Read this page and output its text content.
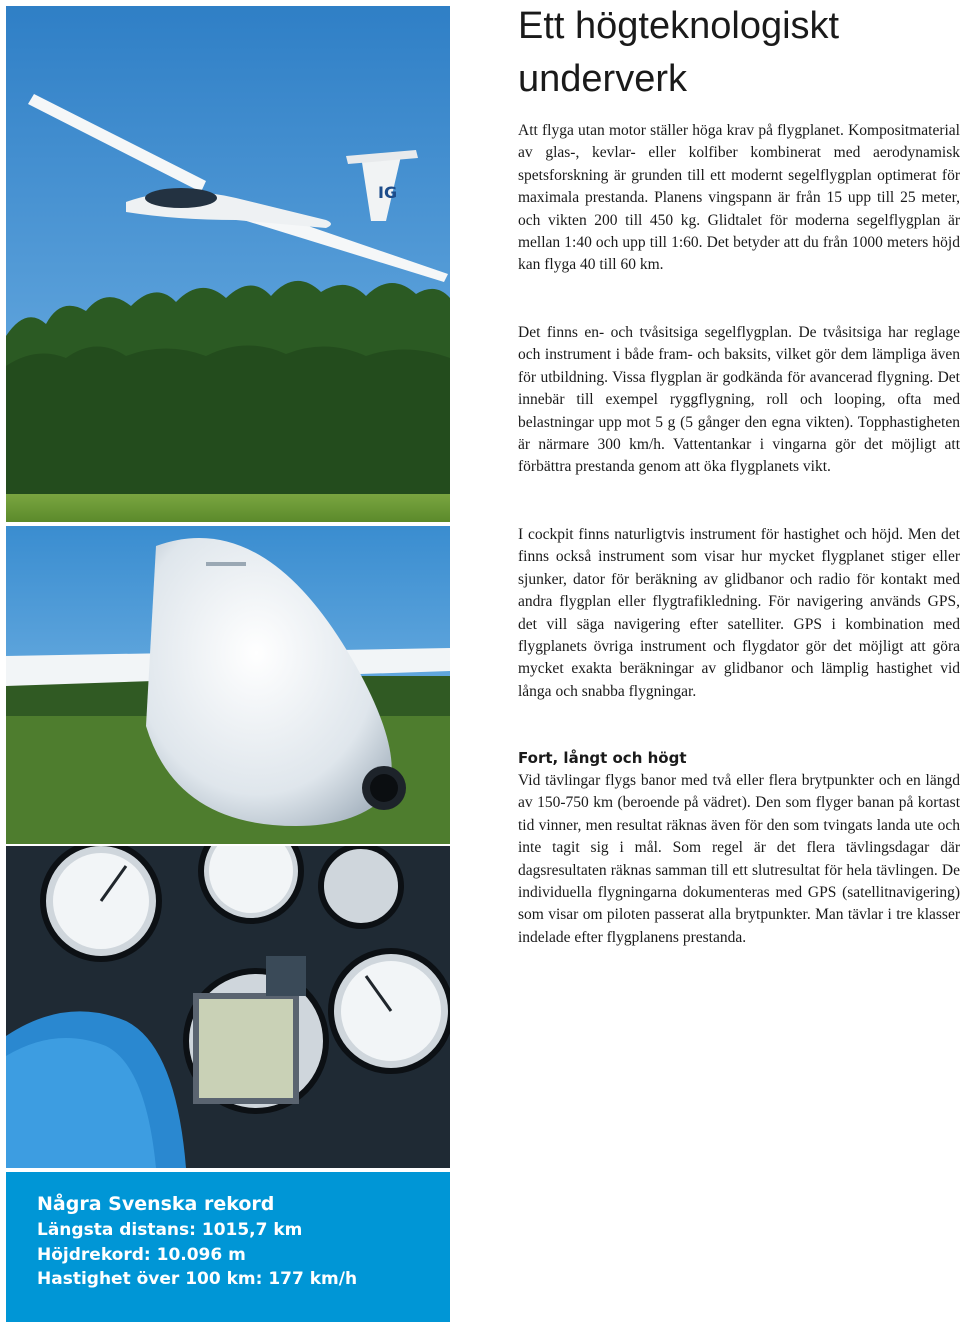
IG
Några Svenska rekord
Längsta distans: 1015,7 km
Höjdrekord: 10.096 m
Hastighet över 100 km: 177 km/h
Ett högteknologiskt
underverk

Att flyga utan motor ställer höga krav på flygplanet. Kompositmaterial av glas-, kevlar- eller kolfiber kombinerat med aerodynamisk spetsforskning är grunden till ett modernt segelflygplan optimerat för maximala prestanda. Planens vingspann är från 15 upp till 25 meter, och vikten 200 till 450 kg. Glidtalet för moderna segelflygplan är mellan 1:40 och upp till 1:60. Det betyder att du från 1000 meters höjd kan flyga 40 till 60 km.

Det finns en- och tvåsitsiga segelflygplan. De tvåsitsiga har reglage och instrument i både fram- och baksits, vilket gör dem lämpliga även för utbildning. Vissa flygplan är godkända för avancerad flygning. Det innebär till exempel ryggflygning, roll och looping, ofta med belastningar upp mot 5 g (5 gånger den egna vikten). Topphastigheten är närmare 300 km/h. Vattentankar i vingarna gör det möjligt att förbättra prestanda genom att öka flygplanets vikt.

I cockpit finns naturligtvis instrument för hastighet och höjd. Men det finns också instrument som visar hur mycket flygplanet stiger eller sjunker, dator för beräkning av glidbanor och radio för kontakt med andra flygplan eller flygtrafikledning. För navigering används GPS, det vill säga navigering efter satelliter. GPS i kombination med flygplanets övriga instrument och flygdator gör det möjligt att göra mycket exakta beräkningar av glidbanor och lämplig hastighet vid långa och snabba flygningar.

Fort, långt och högt

Vid tävlingar flygs banor med två eller flera brytpunkter och en längd av 150-750 km (beroende på vädret). Den som flyger banan på kortast tid vinner, men resultat räknas även för den som tvingats landa ute och inte tagit sig i mål. Som regel är det flera tävlingsdagar där dagsresultaten räknas samman till ett slutresultat för hela tävlingen. De individuella flygningarna dokumenteras med GPS (satellitnavigering) som visar om piloten passerat alla brytpunkter. Man tävlar i tre klasser indelade efter flygplanens prestanda.
